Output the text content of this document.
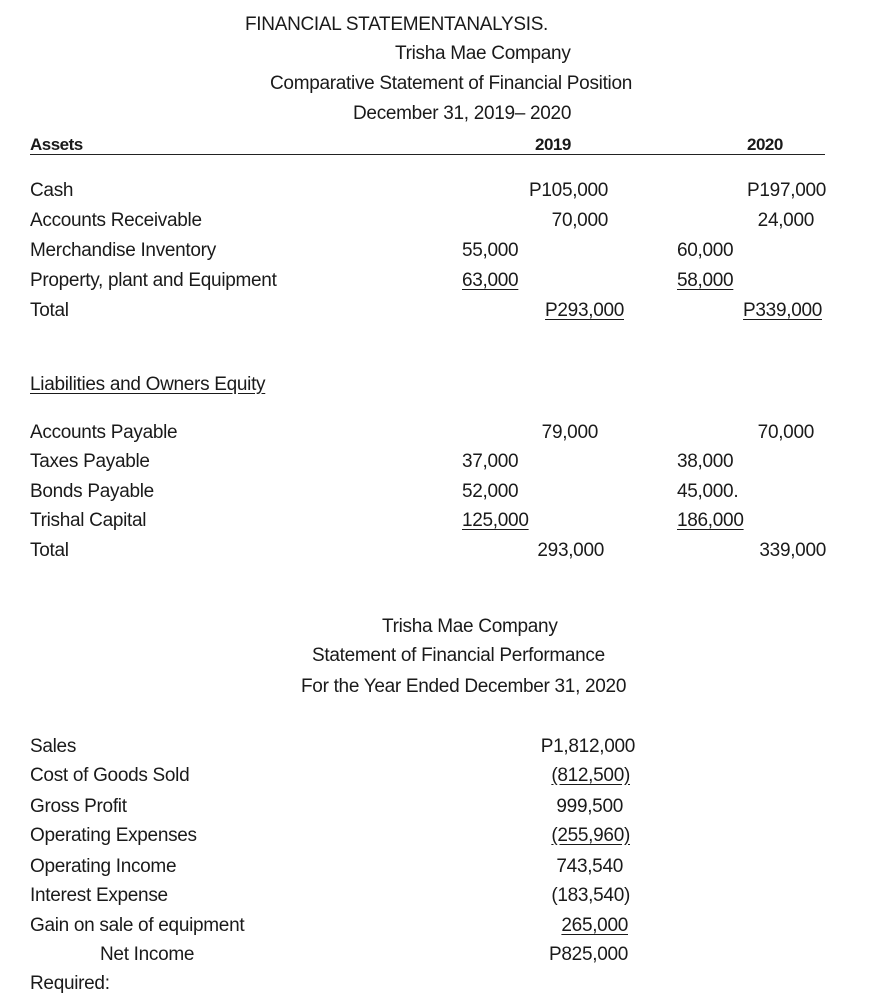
FINANCIAL STATEMENTANALYSIS.
Trisha Mae Company
Comparative Statement of Financial Position
December 31, 2019– 2020
Assets	2019	2020
Cash	P105,000	P197,000
Accounts Receivable	70,000	24,000
Merchandise Inventory	55,000	60,000
Property, plant and Equipment	63,000	58,000
Total	P293,000	P339,000
Liabilities and Owners Equity
Accounts Payable	79,000	70,000
Taxes Payable	37,000	38,000
Bonds Payable	52,000	45,000.
Trishal Capital	125,000	186,000
Total	293,000	339,000
Trisha Mae Company
Statement of Financial Performance
For the Year Ended December 31, 2020
Sales	P1,812,000
Cost of Goods Sold	(812,500)
Gross Profit	999,500
Operating Expenses	(255,960)
Operating Income	743,540
Interest Expense	(183,540)
Gain on sale of equipment	265,000
Net Income	P825,000
Required:
